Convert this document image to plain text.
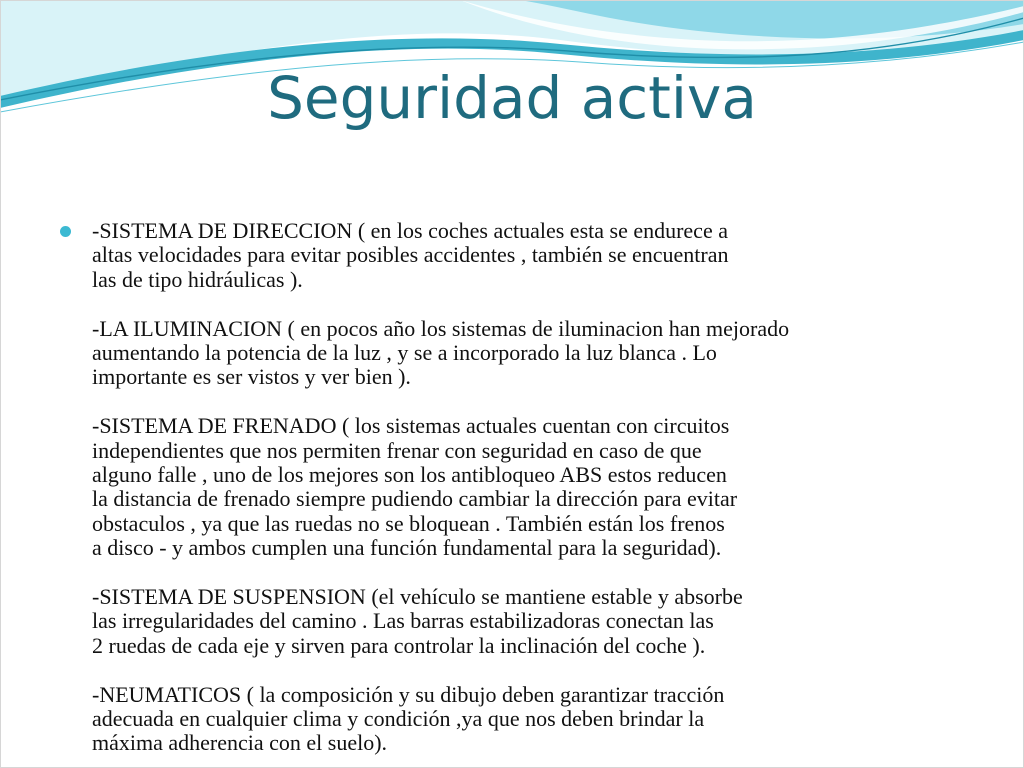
Seguridad activa
-SISTEMA DE DIRECCION ( en los coches actuales esta se endurece a
altas velocidades para evitar posibles accidentes , también se encuentran
las de tipo hidráulicas ).
-LA ILUMINACION ( en pocos año los sistemas de iluminacion han mejorado
aumentando la potencia de la luz , y se a incorporado la luz blanca . Lo
importante es ser vistos y ver bien ).
-SISTEMA DE FRENADO ( los sistemas actuales cuentan con circuitos
independientes que nos permiten frenar con seguridad en caso de que
alguno falle , uno de los mejores son los antibloqueo ABS estos reducen
la distancia de frenado siempre pudiendo cambiar la dirección para evitar
obstaculos , ya que las ruedas no se bloquean . También están los frenos
a disco - y ambos cumplen una función fundamental para la seguridad).
-SISTEMA DE SUSPENSION (el vehículo se mantiene estable y absorbe
las irregularidades del camino . Las barras estabilizadoras conectan las
2 ruedas de cada eje y sirven para controlar la inclinación del coche ).
-NEUMATICOS ( la composición y su dibujo deben garantizar tracción
adecuada en cualquier clima y condición ,ya que nos deben brindar la
máxima adherencia con el suelo).
